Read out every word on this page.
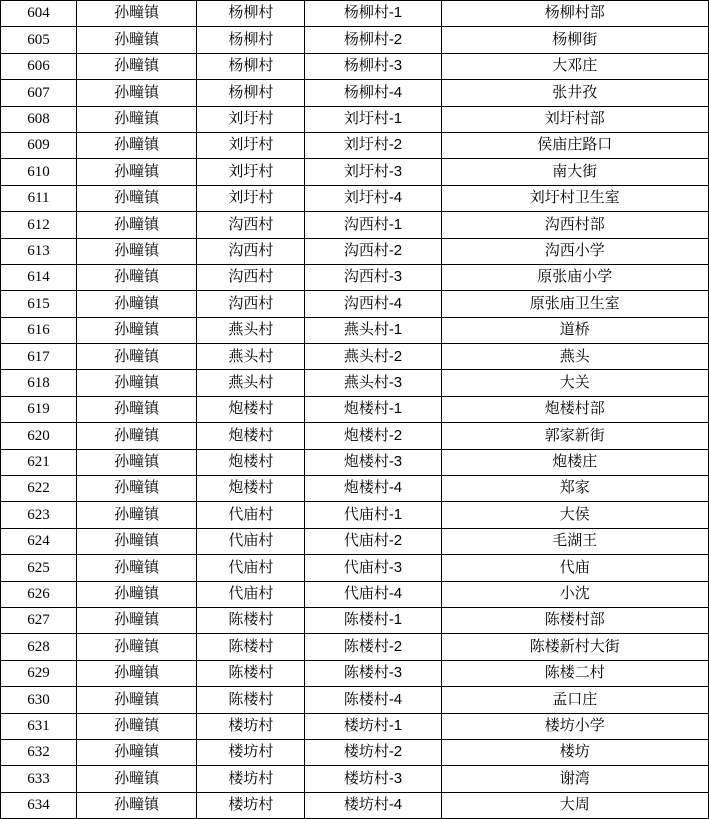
604	孙疃镇	杨柳村	杨柳村-1	杨柳村部
605	孙疃镇	杨柳村	杨柳村-2	杨柳街
606	孙疃镇	杨柳村	杨柳村-3	大邓庄
607	孙疃镇	杨柳村	杨柳村-4	张井孜
608	孙疃镇	刘圩村	刘圩村-1	刘圩村部
609	孙疃镇	刘圩村	刘圩村-2	侯庙庄路口
610	孙疃镇	刘圩村	刘圩村-3	南大街
611	孙疃镇	刘圩村	刘圩村-4	刘圩村卫生室
612	孙疃镇	沟西村	沟西村-1	沟西村部
613	孙疃镇	沟西村	沟西村-2	沟西小学
614	孙疃镇	沟西村	沟西村-3	原张庙小学
615	孙疃镇	沟西村	沟西村-4	原张庙卫生室
616	孙疃镇	燕头村	燕头村-1	道桥
617	孙疃镇	燕头村	燕头村-2	燕头
618	孙疃镇	燕头村	燕头村-3	大关
619	孙疃镇	炮楼村	炮楼村-1	炮楼村部
620	孙疃镇	炮楼村	炮楼村-2	郭家新街
621	孙疃镇	炮楼村	炮楼村-3	炮楼庄
622	孙疃镇	炮楼村	炮楼村-4	郑家
623	孙疃镇	代庙村	代庙村-1	大侯
624	孙疃镇	代庙村	代庙村-2	毛湖王
625	孙疃镇	代庙村	代庙村-3	代庙
626	孙疃镇	代庙村	代庙村-4	小沈
627	孙疃镇	陈楼村	陈楼村-1	陈楼村部
628	孙疃镇	陈楼村	陈楼村-2	陈楼新村大街
629	孙疃镇	陈楼村	陈楼村-3	陈楼二村
630	孙疃镇	陈楼村	陈楼村-4	孟口庄
631	孙疃镇	楼坊村	楼坊村-1	楼坊小学
632	孙疃镇	楼坊村	楼坊村-2	楼坊
633	孙疃镇	楼坊村	楼坊村-3	谢湾
634	孙疃镇	楼坊村	楼坊村-4	大周
